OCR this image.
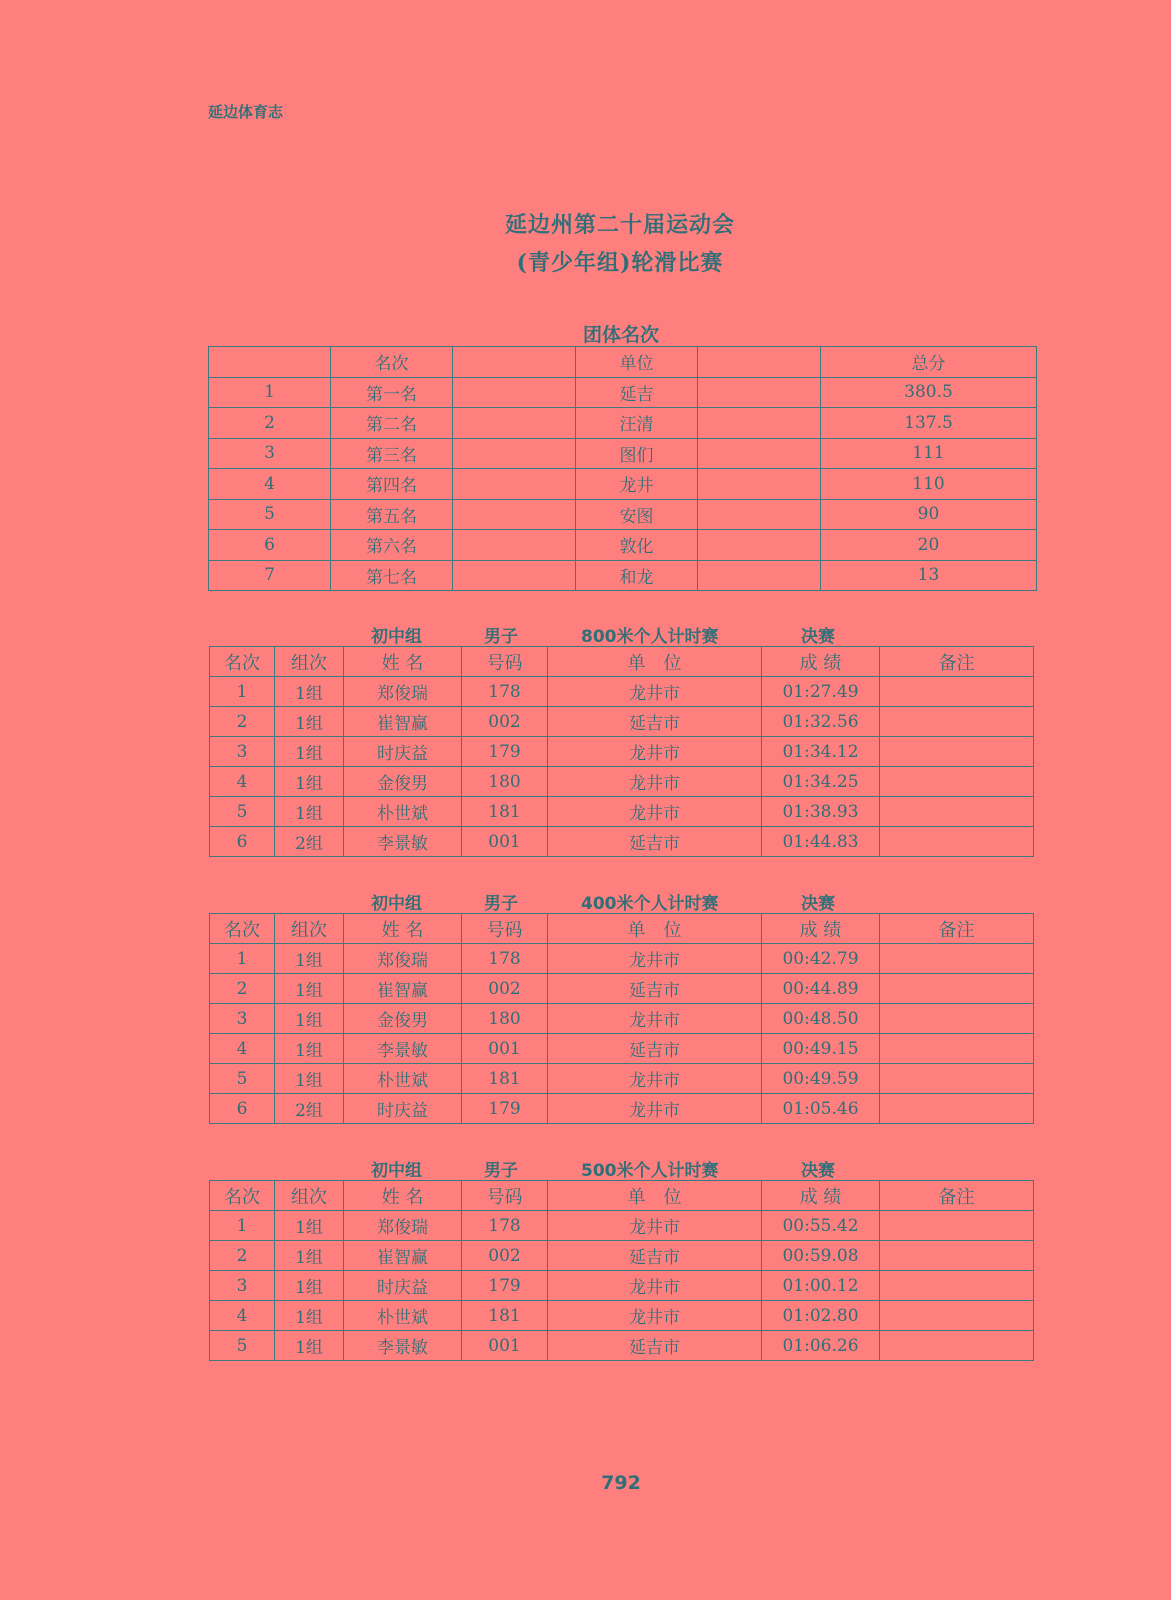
延边体育志
延边州第二十届运动会
(青少年组)轮滑比赛
团体名次
	名次		单位		总分
1	第一名		延吉		380.5
2	第二名		汪清		137.5
3	第三名		图们		111
4	第四名		龙井		110
5	第五名		安图		90
6	第六名		敦化		20
7	第七名		和龙		13
初中组	男子	800米个人计时赛	决赛
名次	组次	姓 名	号码	单　位	成 绩	备注
1	1组	郑俊瑞	178	龙井市	01:27.49	
2	1组	崔智赢	002	延吉市	01:32.56	
3	1组	时庆益	179	龙井市	01:34.12	
4	1组	金俊男	180	龙井市	01:34.25	
5	1组	朴世斌	181	龙井市	01:38.93	
6	2组	李景敏	001	延吉市	01:44.83	
初中组	男子	400米个人计时赛	决赛
名次	组次	姓 名	号码	单　位	成 绩	备注
1	1组	郑俊瑞	178	龙井市	00:42.79	
2	1组	崔智赢	002	延吉市	00:44.89	
3	1组	金俊男	180	龙井市	00:48.50	
4	1组	李景敏	001	延吉市	00:49.15	
5	1组	朴世斌	181	龙井市	00:49.59	
6	2组	时庆益	179	龙井市	01:05.46	
初中组	男子	500米个人计时赛	决赛
名次	组次	姓 名	号码	单　位	成 绩	备注
1	1组	郑俊瑞	178	龙井市	00:55.42	
2	1组	崔智赢	002	延吉市	00:59.08	
3	1组	时庆益	179	龙井市	01:00.12	
4	1组	朴世斌	181	龙井市	01:02.80	
5	1组	李景敏	001	延吉市	01:06.26	
792
